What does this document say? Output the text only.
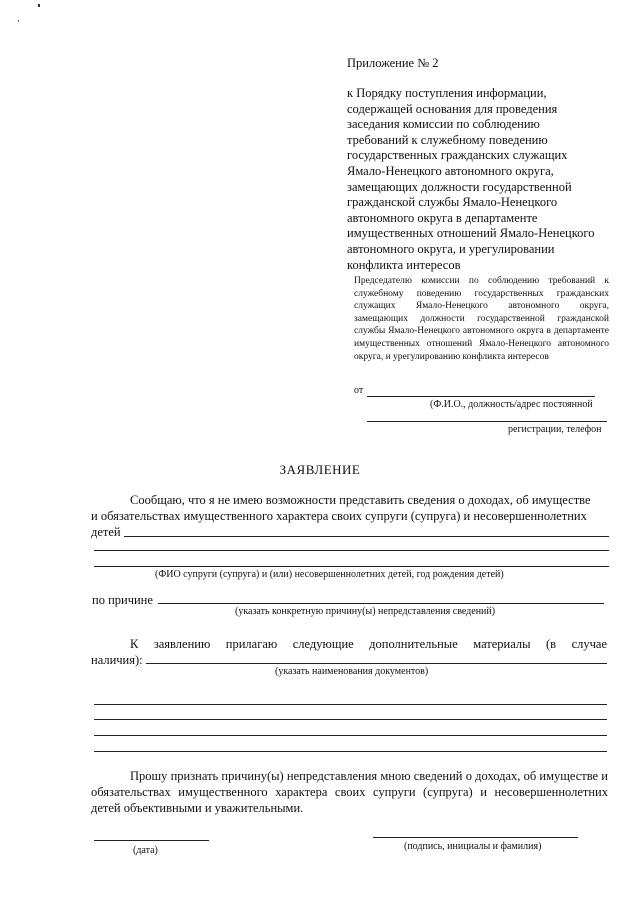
Приложение № 2
к Порядку поступления информации,
содержащей основания для проведения
заседания комиссии по соблюдению
требований к служебному поведению
государственных гражданских служащих
Ямало-Ненецкого автономного округа,
замещающих должности государственной
гражданской службы Ямало-Ненецкого
автономного округа в департаменте
имущественных отношений Ямало-Ненецкого
автономного округа, и урегулировании
конфликта интересов
Председателю комиссии по соблюдению требований к служебному поведению государственных гражданских служащих Ямало-Ненецкого автономного округа, замещающих должности государственной гражданской службы Ямало-Ненецкого автономного округа в департаменте имущественных отношений Ямало-Ненецкого автономного округа, и урегулированию конфликта интересов
от
(Ф.И.О., должность/адрес постоянной
регистрации, телефон
ЗАЯВЛЕНИЕ
Сообщаю, что я не имею возможности представить сведения о доходах, об имуществе
и обязательствах имущественного характера своих супруги (супруга) и несовершеннолетних
детей
(ФИО супруги (супруга) и (или) несовершеннолетних детей, год рождения детей)
по причине
(указать конкретную причину(ы) непредставления сведений)
К заявлению прилагаю следующие дополнительные материалы (в случае
наличия):
(указать наименования документов)
Прошу признать причину(ы) непредставления мною сведений о доходах, об имуществе и обязательствах имущественного характера своих супруги (супруга) и несовершеннолетних детей объективными и уважительными.
(дата)	(подпись, инициалы и фамилия)
